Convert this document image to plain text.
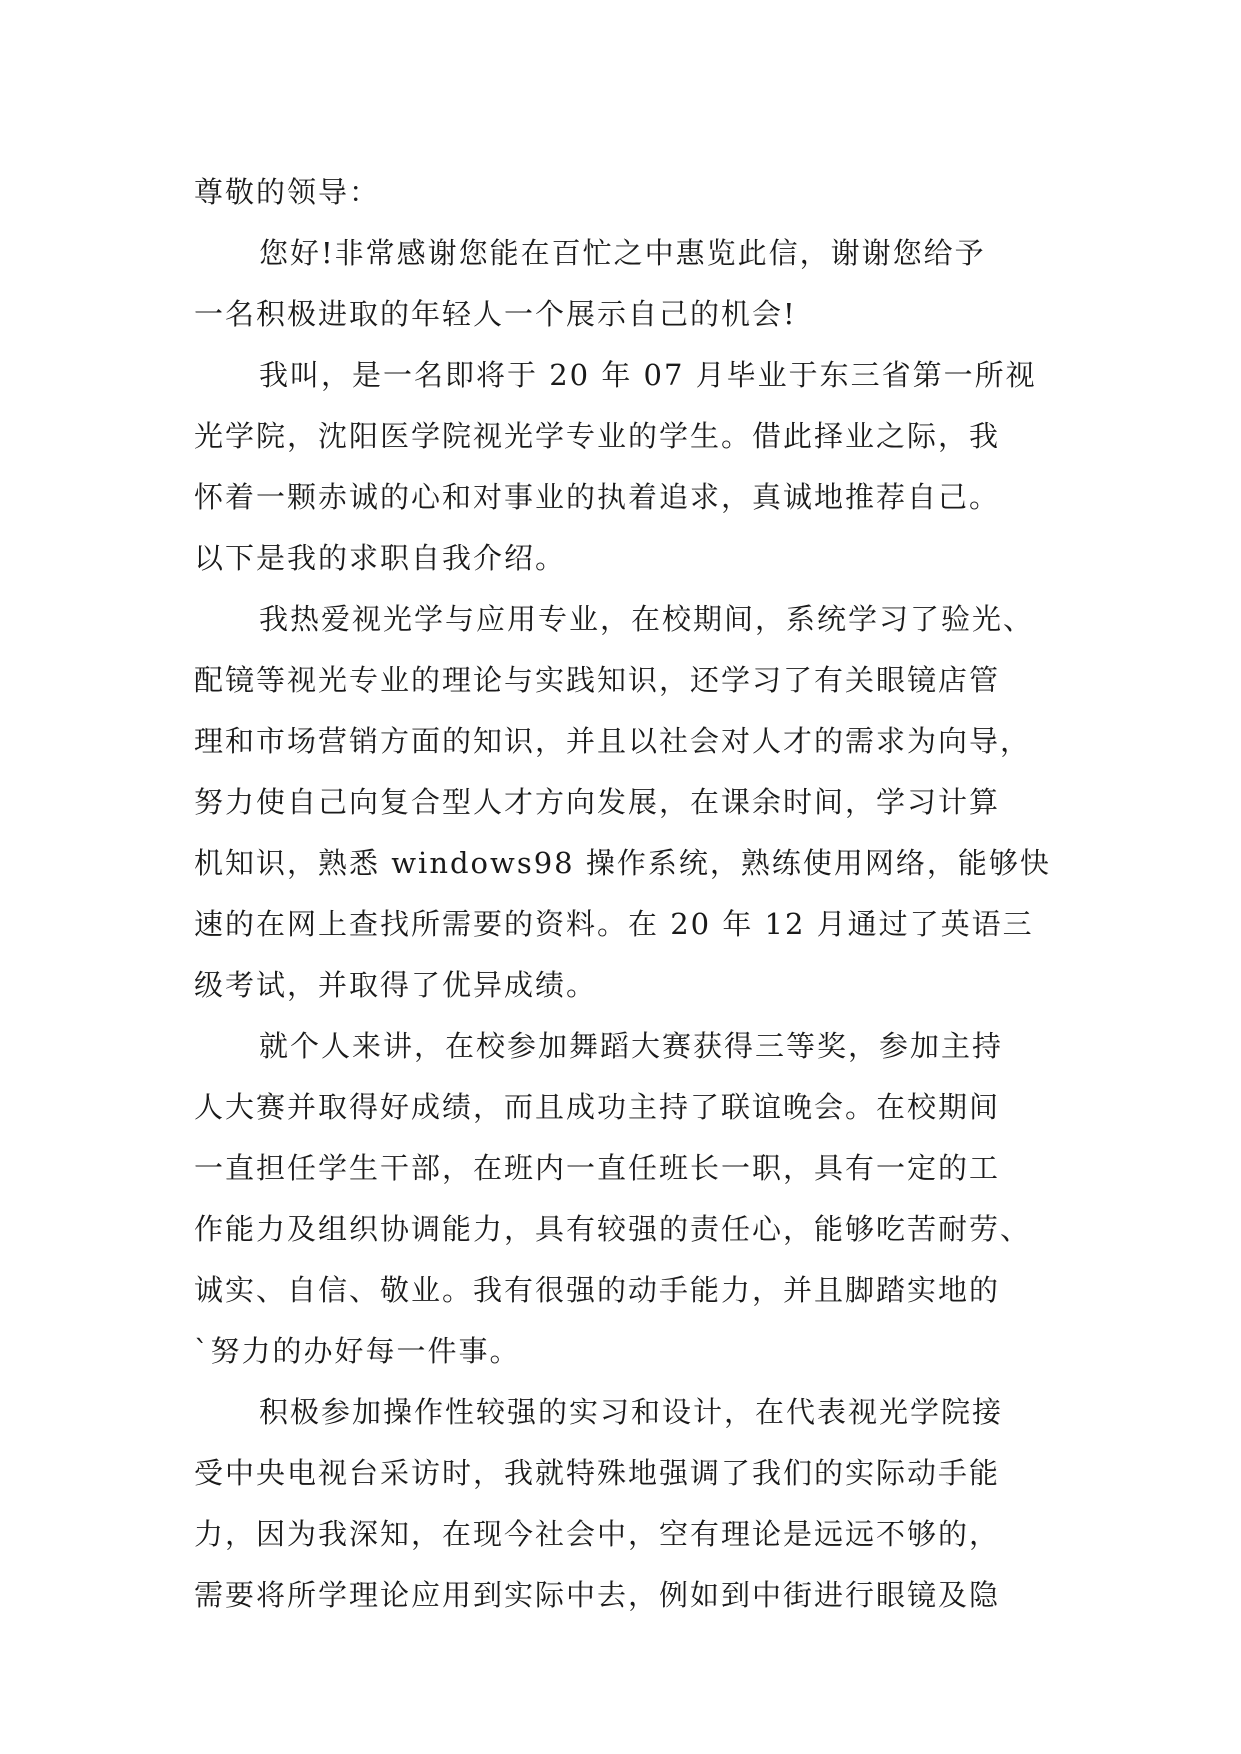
尊敬的领导：
您好!非常感谢您能在百忙之中惠览此信，谢谢您给予
一名积极进取的年轻人一个展示自己的机会!
我叫，是一名即将于 20 年 07 月毕业于东三省第一所视
光学院，沈阳医学院视光学专业的学生。借此择业之际，我
怀着一颗赤诚的心和对事业的执着追求，真诚地推荐自己。
以下是我的求职自我介绍。
我热爱视光学与应用专业，在校期间，系统学习了验光、
配镜等视光专业的理论与实践知识，还学习了有关眼镜店管
理和市场营销方面的知识，并且以社会对人才的需求为向导，
努力使自己向复合型人才方向发展，在课余时间，学习计算
机知识，熟悉 windows98 操作系统，熟练使用网络，能够快
速的在网上查找所需要的资料。在 20 年 12 月通过了英语三
级考试，并取得了优异成绩。
就个人来讲，在校参加舞蹈大赛获得三等奖，参加主持
人大赛并取得好成绩，而且成功主持了联谊晚会。在校期间
一直担任学生干部，在班内一直任班长一职，具有一定的工
作能力及组织协调能力，具有较强的责任心，能够吃苦耐劳、
诚实、自信、敬业。我有很强的动手能力，并且脚踏实地的
`努力的办好每一件事。
积极参加操作性较强的实习和设计，在代表视光学院接
受中央电视台采访时，我就特殊地强调了我们的实际动手能
力，因为我深知，在现今社会中，空有理论是远远不够的，
需要将所学理论应用到实际中去，例如到中街进行眼镜及隐
